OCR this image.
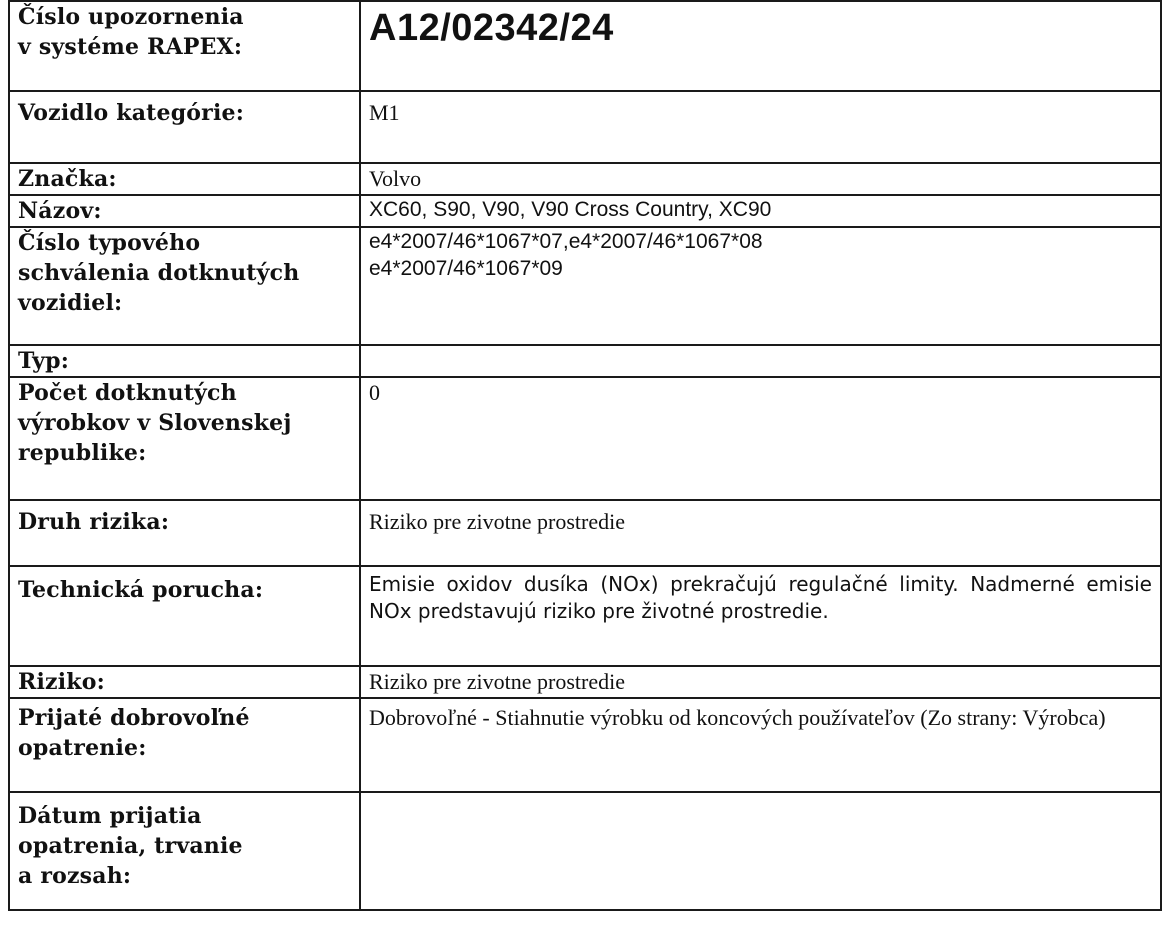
Číslo upozornenia
v systéme RAPEX:	A12/02342/24

Vozidlo kategórie:	M1
Značka:	Volvo
Názov:	XC60, S90, V90, V90 Cross Country, XC90
Číslo typového
schválenia dotknutých
vozidiel:	e4*2007/46*1067*07,e4*2007/46*1067*08
e4*2007/46*1067*09

Typ:	
Počet dotknutých
výrobkov v Slovenskej
republike:	0
Druh rizika:	Riziko pre zivotne prostredie
Technická porucha:	Emisie oxidov dusíka (NOx) prekračujú regulačné limity. Nadmerné emisie NOx predstavujú riziko pre životné prostredie.
Riziko:	Riziko pre zivotne prostredie
Prijaté dobrovoľné
opatrenie:	Dobrovoľné - Stiahnutie výrobku od koncových používateľov (Zo strany: Výrobca)
Dátum prijatia
opatrenia, trvanie
a rozsah:	
